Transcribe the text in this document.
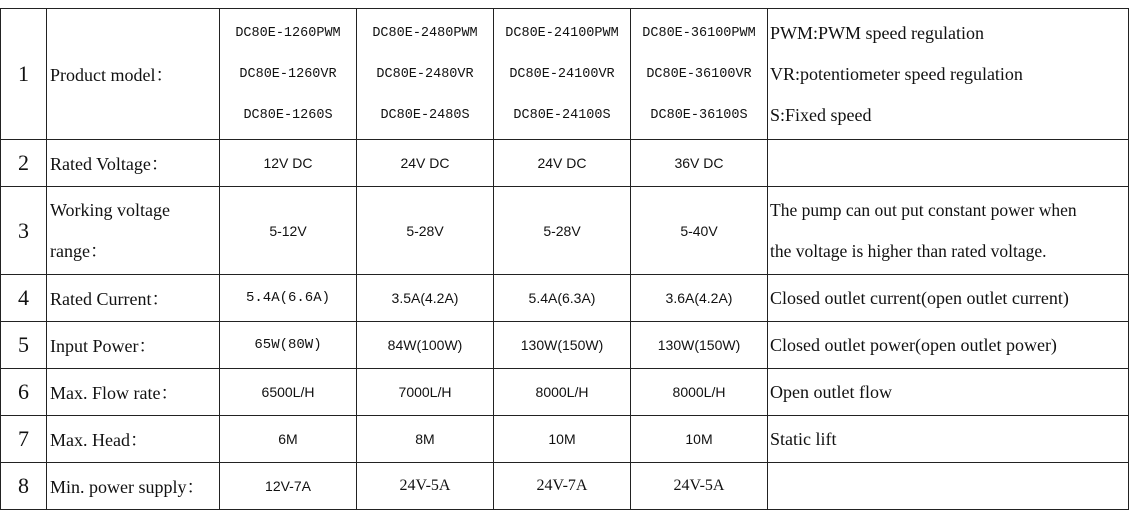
1	Product model：	DC80E-1260PWM
DC80E-1260VR
DC80E-1260S	DC80E-2480PWM
DC80E-2480VR
DC80E-2480S	DC80E-24100PWM
DC80E-24100VR
DC80E-24100S	DC80E-36100PWM
DC80E-36100VR
DC80E-36100S	PWM:PWM speed regulation
VR:potentiometer speed regulation
S:Fixed speed

2	Rated Voltage：	12V DC	24V DC	24V DC	36V DC	
3	Working voltage
range：	5-12V	5-28V	5-28V	5-40V	The pump can out put constant power when
the voltage is higher than rated voltage.

4	Rated Current：	5.4A(6.6A)	3.5A(4.2A)	5.4A(6.3A)	3.6A(4.2A)	Closed outlet current(open outlet current)
5	Input Power：	65W(80W)	84W(100W)	130W(150W)	130W(150W)	Closed outlet power(open outlet power)
6	Max. Flow rate：	6500L/H	7000L/H	8000L/H	8000L/H	Open outlet flow
7	Max. Head：	6M	8M	10M	10M	Static lift
8	Min. power supply：	12V-7A	24V-5A	24V-7A	24V-5A	
